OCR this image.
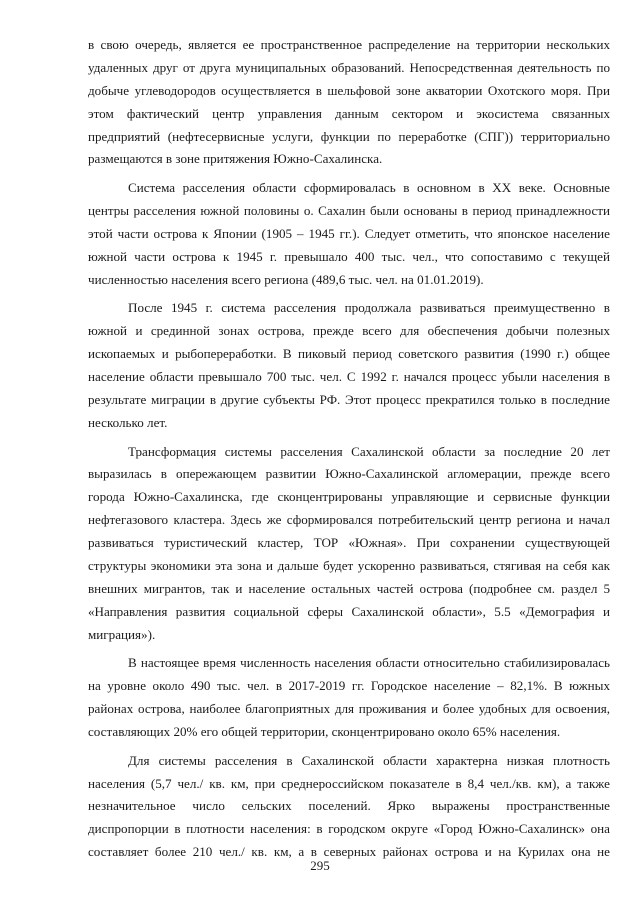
в свою очередь, является ее пространственное распределение на территории нескольких
удаленных друг от друга муниципальных образований. Непосредственная деятельность по
добыче углеводородов осуществляется в шельфовой зоне акватории Охотского моря. При
этом фактический центр управления данным сектором и экосистема связанных
предприятий (нефтесервисные услуги, функции по переработке (СПГ)) территориально
размещаются в зоне притяжения Южно-Сахалинска.
Система расселения области сформировалась в основном в XX веке. Основные
центры расселения южной половины о. Сахалин были основаны в период принадлежности
этой части острова к Японии (1905 – 1945 гг.). Следует отметить, что японское население
южной части острова к 1945 г. превышало 400 тыс. чел., что сопоставимо с текущей
численностью населения всего региона (489,6 тыс. чел. на 01.01.2019).
После 1945 г. система расселения продолжала развиваться преимущественно в
южной и срединной зонах острова, прежде всего для обеспечения добычи полезных
ископаемых и рыбопереработки. В пиковый период советского развития (1990 г.) общее
население области превышало 700 тыс. чел. С 1992 г. начался процесс убыли населения в
результате миграции в другие субъекты РФ. Этот процесс прекратился только в последние
несколько лет.
Трансформация системы расселения Сахалинской области за последние 20 лет
выразилась в опережающем развитии Южно-Сахалинской агломерации, прежде всего
города Южно-Сахалинска, где сконцентрированы управляющие и сервисные функции
нефтегазового кластера. Здесь же сформировался потребительский центр региона и начал
развиваться туристический кластер, ТОР «Южная». При сохранении существующей
структуры экономики эта зона и дальше будет ускоренно развиваться, стягивая на себя как
внешних мигрантов, так и население остальных частей острова (подробнее см. раздел 5
«Направления развития социальной сферы Сахалинской области», 5.5 «Демография и
миграция»).
В настоящее время численность населения области относительно стабилизировалась
на уровне около 490 тыс. чел. в 2017-2019 гг. Городское население – 82,1%. В южных
районах острова, наиболее благоприятных для проживания и более удобных для освоения,
составляющих 20% его общей территории, сконцентрировано около 65% населения.
Для системы расселения в Сахалинской области характерна низкая плотность
населения (5,7 чел./ кв. км, при среднероссийском показателе в 8,4 чел./кв. км), а также
незначительное число сельских поселений. Ярко выражены пространственные
диспропорции в плотности населения: в городском округе «Город Южно-Сахалинск» она
составляет более 210 чел./ кв. км, а в северных районах острова и на Курилах она не
295
